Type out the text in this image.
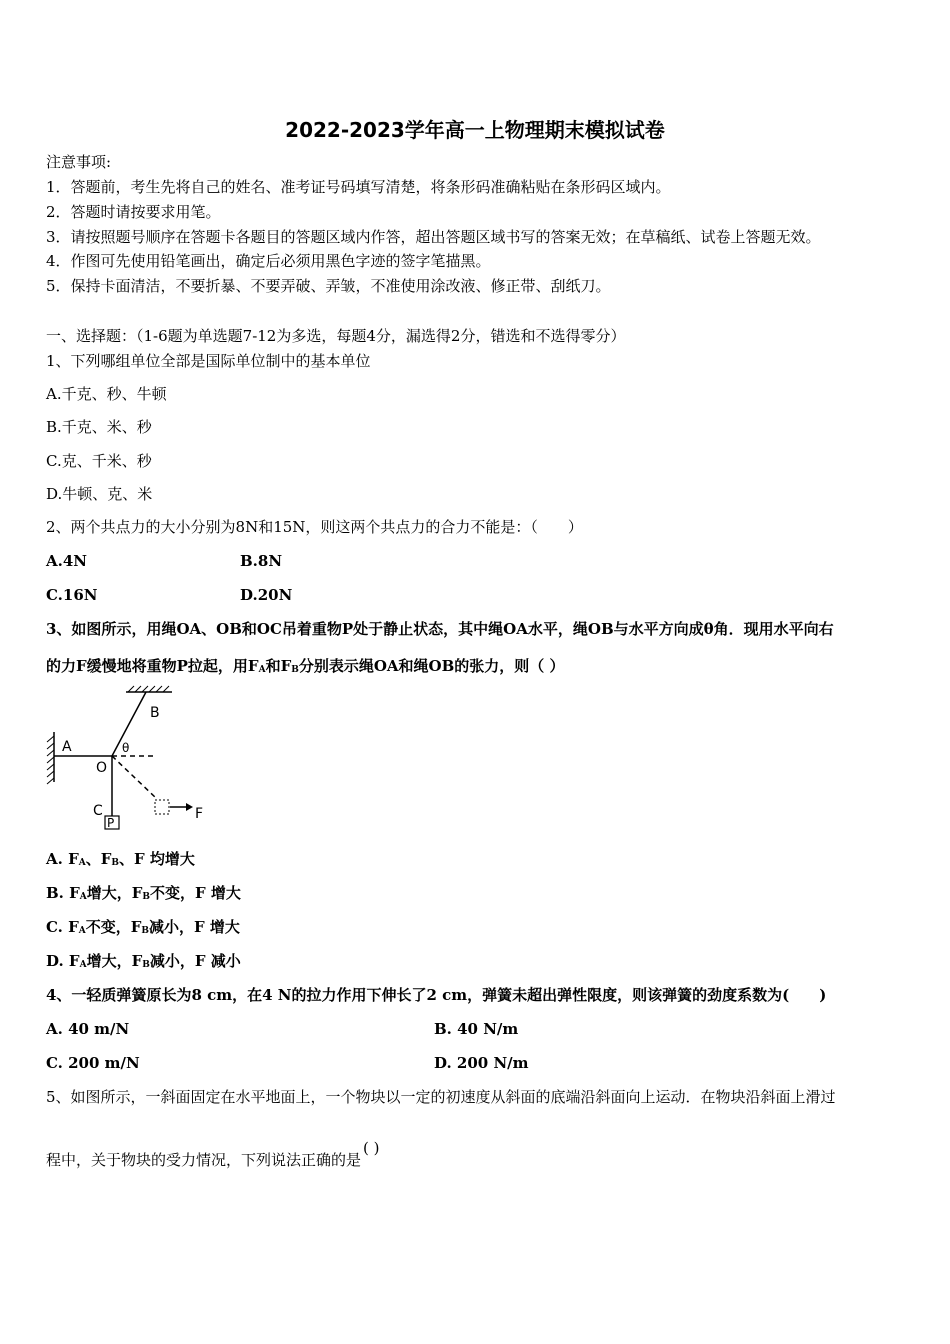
2022-2023学年高一上物理期末模拟试卷
注意事项:
1．答题前，考生先将自己的姓名、准考证号码填写清楚，将条形码准确粘贴在条形码区域内。
2．答题时请按要求用笔。
3．请按照题号顺序在答题卡各题目的答题区域内作答，超出答题区域书写的答案无效；在草稿纸、试卷上答题无效。
4．作图可先使用铅笔画出，确定后必须用黑色字迹的签字笔描黑。
5．保持卡面清洁，不要折暴、不要弄破、弄皱，不准使用涂改液、修正带、刮纸刀。
一、选择题：（1-6题为单选题7-12为多选，每题4分，漏选得2分，错选和不选得零分）
1、下列哪组单位全部是国际单位制中的基本单位
A.千克、秒、牛顿
B.千克、米、秒
C.克、千米、秒
D.牛顿、克、米
2、两个共点力的大小分别为8N和15N，则这两个共点力的合力不能是：（　　）
A.4N	B.8N
C.16N	D.20N
3、如图所示，用绳OA、OB和OC吊着重物P处于静止状态，其中绳OA水平，绳OB与水平方向成θ角．现用水平向右
的力F缓慢地将重物P拉起，用$F_A$和$F_B$分别表示绳OA和绳OB的张力，则（ ）
B
A	θ
O
C
P
F
A. $F_A$、$F_B$、F 均增大
B. $F_A$增大，$F_B$不变，F 增大
C. $F_A$不变，$F_B$减小，F 增大
D. $F_A$增大，$F_B$减小，F 减小
4、一轻质弹簧原长为8 cm，在4 N的拉力作用下伸长了2 cm，弹簧未超出弹性限度，则该弹簧的劲度系数为(　　)
A. 40 m/N	B. 40 N/m
C. 200 m/N	D. 200 N/m
5、如图所示，一斜面固定在水平地面上，一个物块以一定的初速度从斜面的底端沿斜面向上运动．在物块沿斜面上滑过
程中，关于物块的受力情况，下列说法正确的是( )
